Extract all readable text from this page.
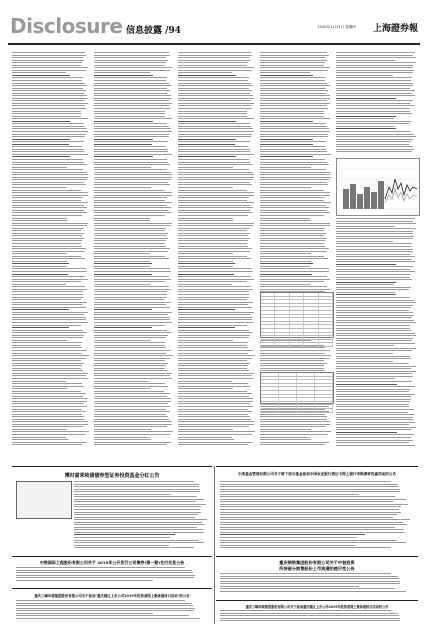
Disclosure 信息披露 /94	2020年11月5日 星期四 上海證券報
博时富荣纯债债券型证券投资基金分红公告	中庚基金管理有限公司关于旗下部分基金参加中国农业银行借记卡网上银行申购费率优惠活动的公告
中铁国际工程股份有限公司关于 2019年公开发行公司债券(第一期)兑付兑息公告	重庆钢铁集团股份有限公司关于中登投资
所持部分限售股份上市流通的提示性公告
重庆三峰环境集团股份有限公司关于参加"重庆辖区上市公司2019年投资者网上集体接待日活动"的公告
重庆三峰环境集团股份有限公司关于参加重庆辖区上市公司2019年投资者网上集体接待日活动的公告
